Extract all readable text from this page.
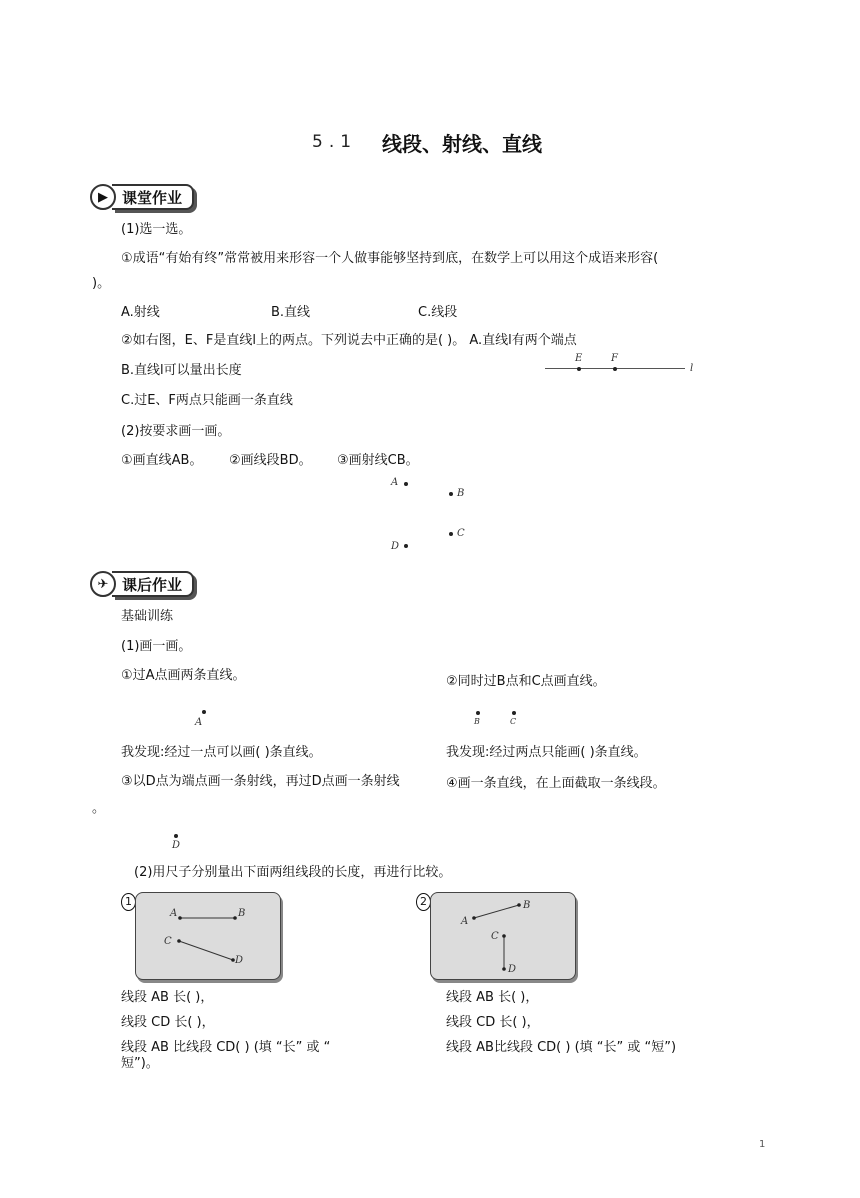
5.1 线段、射线、直线
▶ 课堂作业
(1)选一选。
①成语“有始有终”常常被用来形容一个人做事能够坚持到底，在数学上可以用这个成语来形容(
)。
A.射线	B.直线	C.线段
②如右图，E、F是直线l上的两点。下列说去中正确的是( )。 A.直线l有两个端点
B.直线l可以量出长度
C.过E、F两点只能画一条直线
E	F
l
(2)按要求画一画。
①画直线AB。 ②画线段BD。 ③画射线CB。
A
B
C
D
✈ 课后作业
基础训练
(1)画一画。
①过A点画两条直线。	②同时过B点和C点画直线。
A	B	C
我发现:经过一点可以画( )条直线。	我发现:经过两点只能画( )条直线。
③以D点为端点画一条射线，再过D点画一条射线	④画一条直线，在上面截取一条线段。
。
D
(2)用尺子分别量出下面两组线段的长度，再进行比较。
1
A	B
C
D
2
A
B
C
D
线段 AB 长( )，
线段 CD 长( )，
线段 AB 比线段 CD( ) (填 “长” 或 “
短”)。
线段 AB 长( )，
线段 CD 长( )，
线段 AB比线段 CD( ) (填 “长” 或 “短”)
1
